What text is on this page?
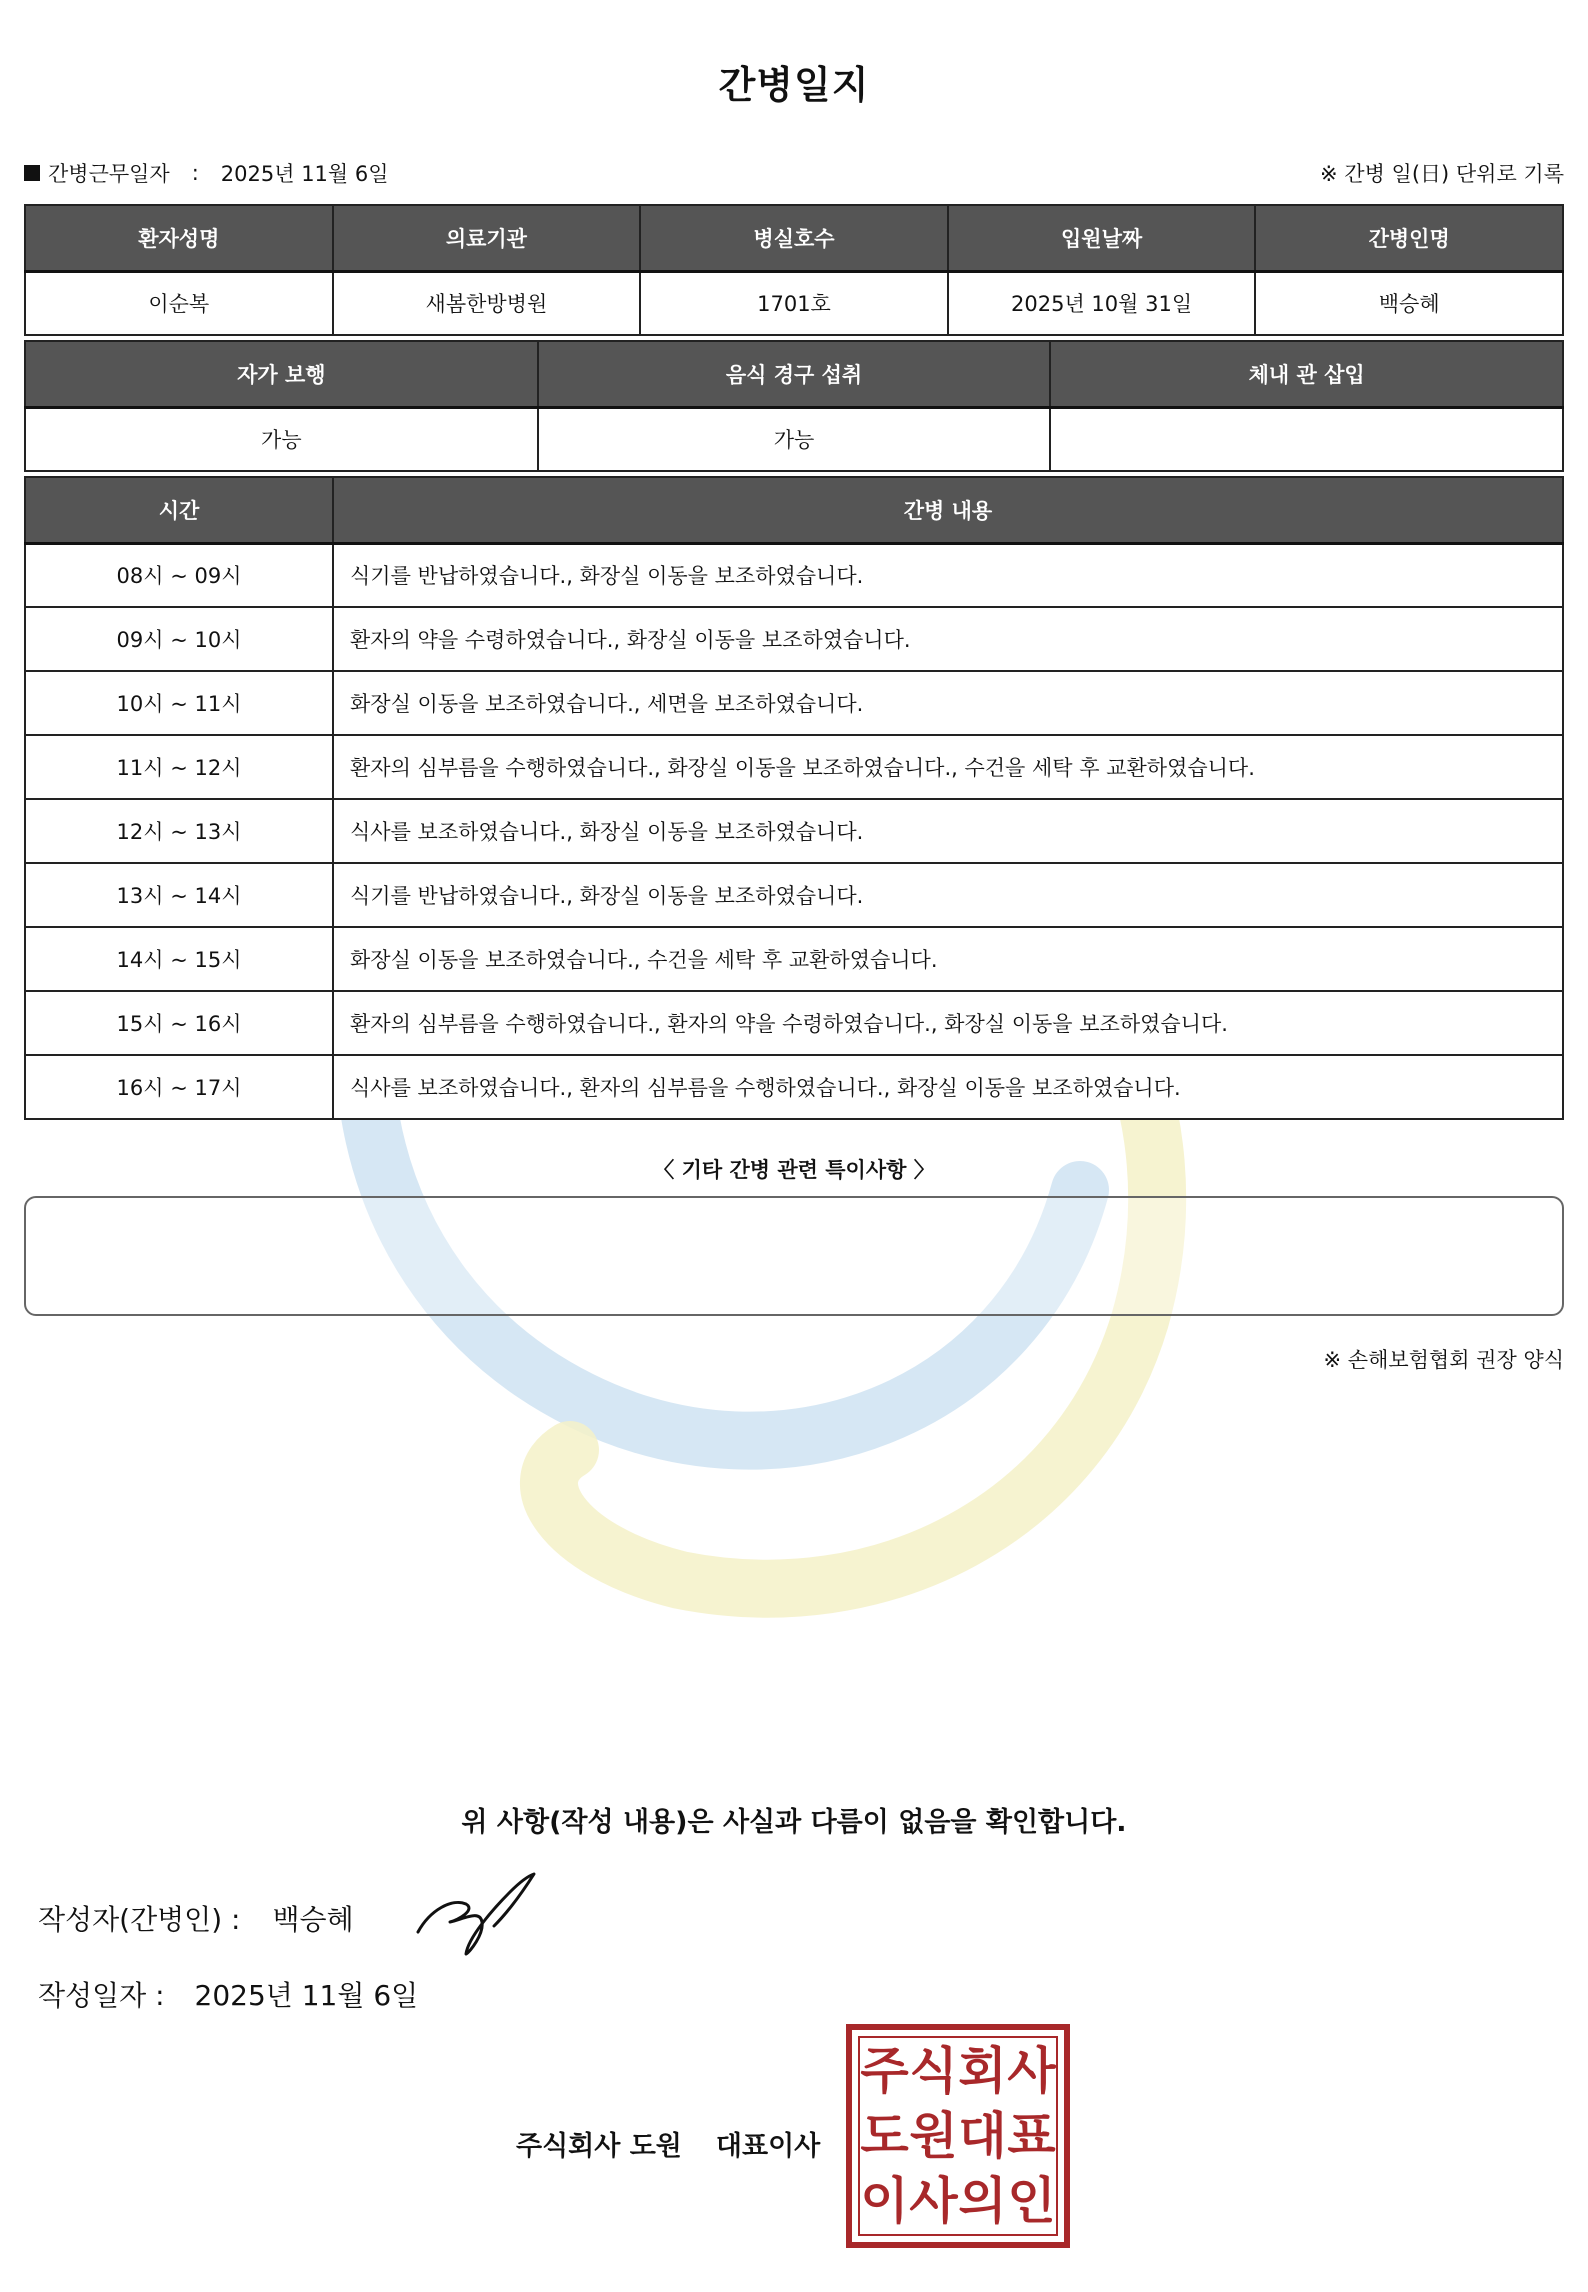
간병일지
간병근무일자 : 2025년 11월 6일	※ 간병 일(日) 단위로 기록
환자성명	의료기관	병실호수	입원날짜	간병인명
이순복	새봄한방병원	1701호	2025년 10월 31일	백승혜
자가 보행	음식 경구 섭취	체내 관 삽입
가능	가능	
시간	간병 내용
08시 ~ 09시	식기를 반납하였습니다., 화장실 이동을 보조하였습니다.
09시 ~ 10시	환자의 약을 수령하였습니다., 화장실 이동을 보조하였습니다.
10시 ~ 11시	화장실 이동을 보조하였습니다., 세면을 보조하였습니다.
11시 ~ 12시	환자의 심부름을 수행하였습니다., 화장실 이동을 보조하였습니다., 수건을 세탁 후 교환하였습니다.
12시 ~ 13시	식사를 보조하였습니다., 화장실 이동을 보조하였습니다.
13시 ~ 14시	식기를 반납하였습니다., 화장실 이동을 보조하였습니다.
14시 ~ 15시	화장실 이동을 보조하였습니다., 수건을 세탁 후 교환하였습니다.
15시 ~ 16시	환자의 심부름을 수행하였습니다., 환자의 약을 수령하였습니다., 화장실 이동을 보조하였습니다.
16시 ~ 17시	식사를 보조하였습니다., 환자의 심부름을 수행하였습니다., 화장실 이동을 보조하였습니다.
〈 기타 간병 관련 특이사항 〉
※ 손해보험협회 권장 양식
위 사항(작성 내용)은 사실과 다름이 없음을 확인합니다.
작성자(간병인) : 백승혜
작성일자 : 2025년 11월 6일
주식회사 도원 대표이사
주 식 회 사
도 원 대 표
이 사 의 인
